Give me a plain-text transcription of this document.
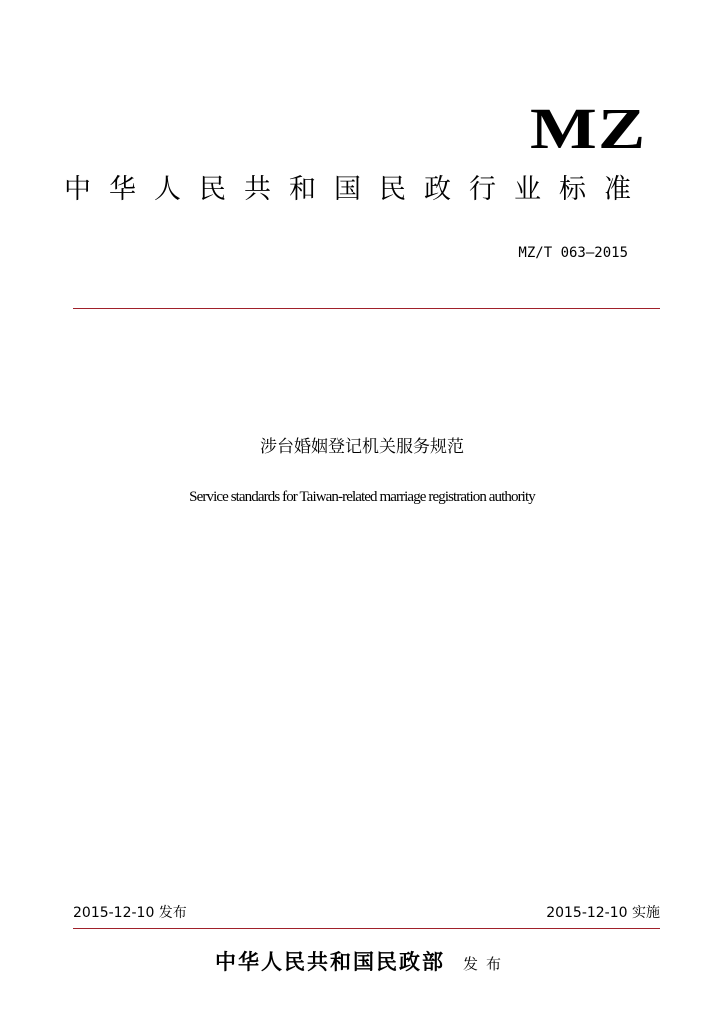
MZ
中华人民共和国民政行业标准
MZ/T 063—2015
涉台婚姻登记机关服务规范
Service standards for Taiwan-related marriage registration authority
2015-12-10 发布	2015-12-10 实施
中华人民共和国民政部 发布
